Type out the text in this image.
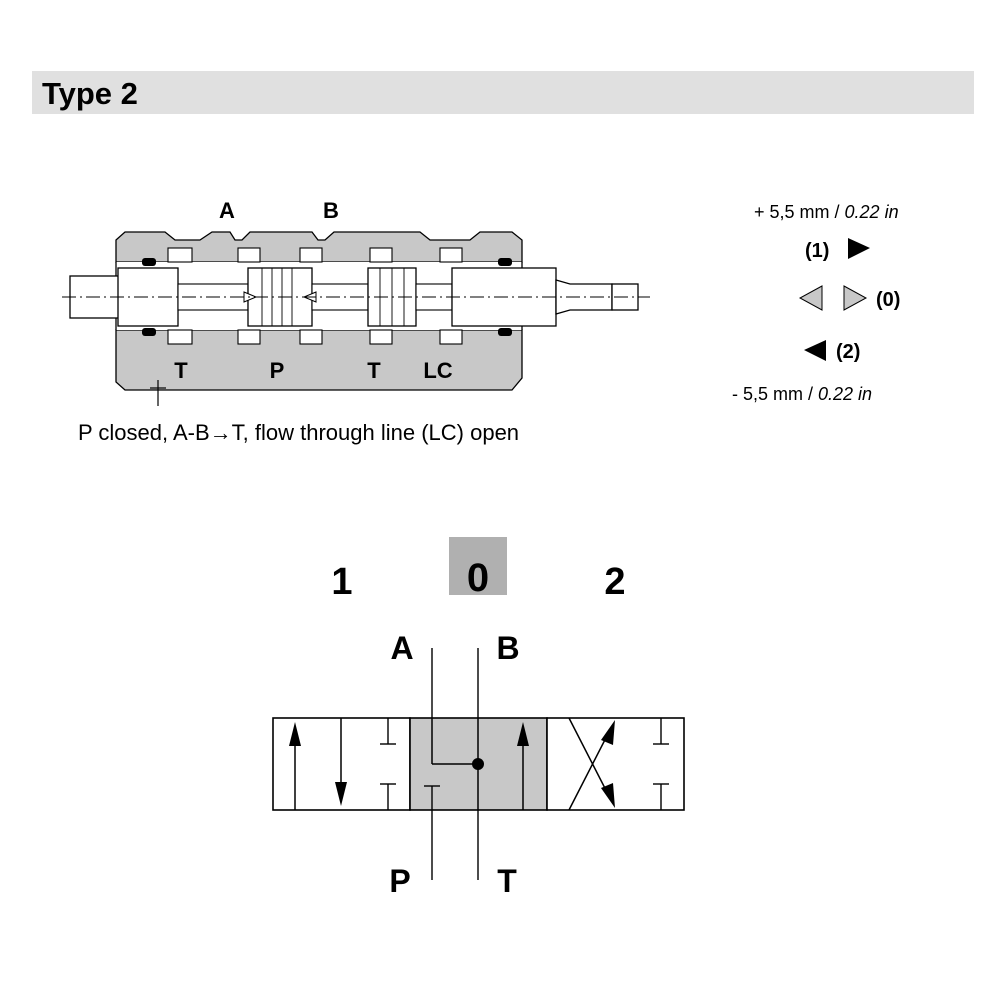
Type 2
A	B
T	P	T LC
P closed, A-B→T, flow through line (LC) open
+ 5,5 mm / 0.22 in
(1)
(0)
(2)
- 5,5 mm / 0.22 in
1	0	2
A	B
P	T
